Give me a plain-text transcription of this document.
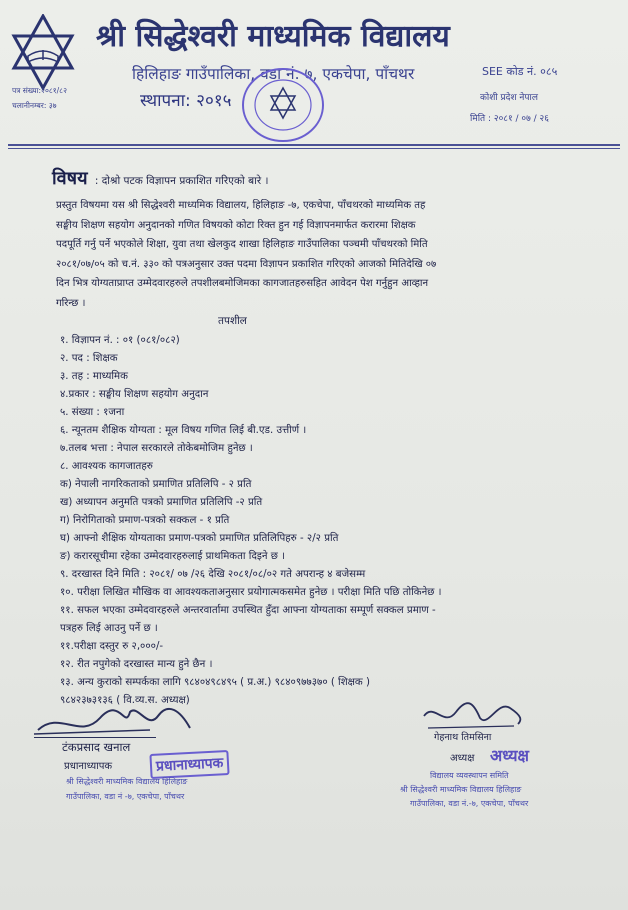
श्री सिद्धेश्वरी माध्यमिक विद्यालय
हिलिहाङ गाउँपालिका, वडा नं. ७, एकचेपा, पाँचथर
स्थापना: २०१५
पत्र संख्या:२०८१/८२
चलानीनम्बर: ३७
SEE कोड नं. ०८५
कोशी प्रदेश नेपाल
मिति : २०८१ / ०७ / २६
विषय : दोश्रो पटक विज्ञापन प्रकाशित गरिएको बारे ।
प्रस्तुत विषयमा यस श्री सिद्धेश्वरी माध्यमिक विद्यालय, हिलिहाङ -७, एकचेपा, पाँचथरको माध्यमिक तह
सङ्घीय शिक्षण सहयोग अनुदानको गणित विषयको कोटा रिक्त हुन गई विज्ञापनमार्फत करारमा शिक्षक
पदपूर्ति गर्नु पर्ने भएकोले शिक्षा, युवा तथा खेलकुद शाखा हिलिहाङ गाउँपालिका पञ्चमी पाँचथरको मिति
२०८१/०७/०५ को च.नं. ३३० को पत्रअनुसार उक्त पदमा विज्ञापन प्रकाशित गरिएको आजको मितिदेखि ०७
दिन भित्र योग्यताप्राप्त उम्मेदवारहरुले तपशीलबमोजिमका कागजातहरुसहित आवेदन पेश गर्नुहुन आव्हान
गरिन्छ ।
तपशील
१. विज्ञापन नं. : ०१ (०८१/०८२)
२. पद : शिक्षक
३. तह : माध्यमिक
४.प्रकार : सङ्घीय शिक्षण सहयोग अनुदान
५. संख्या : १जना
६. न्यूनतम शैक्षिक योग्यता : मूल विषय गणित लिई बी.एड. उत्तीर्ण ।
७.तलब भत्ता : नेपाल सरकारले तोकेबमोजिम हुनेछ ।
८. आवश्यक कागजातहरु
क) नेपाली नागरिकताको प्रमाणित प्रतिलिपि - २ प्रति
ख) अध्यापन अनुमति पत्रको प्रमाणित प्रतिलिपि -२ प्रति
ग) निरोगिताको प्रमाण-पत्रको सक्कल - १ प्रति
घ) आफ्नो शैक्षिक योग्यताका प्रमाण-पत्रको प्रमाणित प्रतिलिपिहरु - २/२ प्रति
ङ) करारसूचीमा रहेका उम्मेदवारहरुलाई प्राथमिकता दिइने छ ।
९. दरखास्त दिने मिति : २०८१/ ०७ /२६ देखि २०८१/०८/०२ गते अपरान्ह ४ बजेसम्म
१०. परीक्षा लिखित मौखिक वा आवश्यकताअनुसार प्रयोगात्मकसमेत हुनेछ । परीक्षा मिति पछि तोकिनेछ ।
११. सफल भएका उम्मेदवारहरुले अन्तरवार्तामा उपस्थित हुँदा आफ्ना योग्यताका सम्पूर्ण सक्कल प्रमाण -
पत्रहरु लिई आउनु पर्ने छ ।
११.परीक्षा दस्तुर रु २,०००/-
१२. रीत नपुगेको दरखास्त मान्य हुने छैन ।
१३. अन्य कुराको सम्पर्कका लागि ९८४०४९८४९५ ( प्र.अ.) ९८४०९७७३७० ( शिक्षक )
९८४२३७३१३६ ( वि.व्य.स. अध्यक्ष)
टंकप्रसाद खनाल
प्रधानाध्यापक	प्रधानाध्यापक
श्री सिद्धेश्वरी माध्यमिक विद्यालय हिलिहाङ
गाउँपालिका, वडा नं -७, एकचेपा, पाँचथर
गेहनाथ तिमसिना
अध्यक्ष अध्यक्ष
विद्यालय व्यवस्थापन समिति
श्री सिद्धेश्वरी माध्यमिक विद्यालय हिलिहाङ
गाउँपालिका, वडा नं.-७, एकचेपा, पाँचथर
